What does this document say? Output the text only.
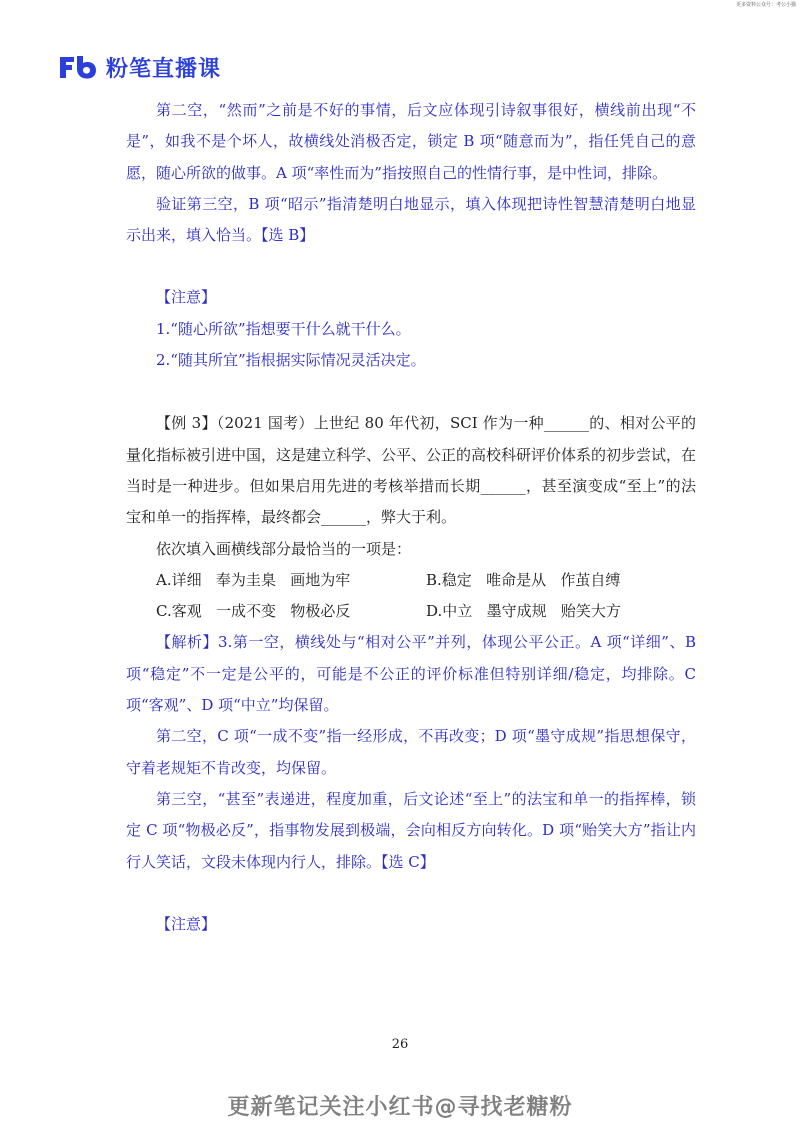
更多资料公众号：考公小猫
粉笔直播课

第二空，“然而”之前是不好的事情，后文应体现引诗叙事很好，横线前出现“不是”，如我不是个坏人，故横线处消极否定，锁定 B 项“随意而为”，指任凭自己的意愿，随心所欲的做事。A 项“率性而为”指按照自己的性情行事，是中性词，排除。

验证第三空，B 项“昭示”指清楚明白地显示，填入体现把诗性智慧清楚明白地显示出来，填入恰当。【选 B】

【注意】

1.“随心所欲”指想要干什么就干什么。

2.“随其所宜”指根据实际情况灵活决定。

【例 3】（2021 国考）上世纪 80 年代初，SCI 作为一种______的、相对公平的量化指标被引进中国，这是建立科学、公平、公正的高校科研评价体系的初步尝试，在当时是一种进步。但如果启用先进的考核举措而长期______，甚至演变成“至上”的法宝和单一的指挥棒，最终都会______，弊大于利。

依次填入画横线部分最恰当的一项是：

A.详细   奉为圭臬   画地为牢	B.稳定   唯命是从   作茧自缚
C.客观   一成不变   物极必反	D.中立   墨守成规   贻笑大方

【解析】3.第一空，横线处与“相对公平”并列，体现公平公正。A 项“详细”、B 项“稳定”不一定是公平的，可能是不公正的评价标准但特别详细/稳定，均排除。C 项“客观”、D 项“中立”均保留。

第二空，C 项“一成不变”指一经形成，不再改变；D 项“墨守成规”指思想保守，守着老规矩不肯改变，均保留。

第三空，“甚至”表递进，程度加重，后文论述“至上”的法宝和单一的指挥棒，锁定 C 项“物极必反”，指事物发展到极端，会向相反方向转化。D 项“贻笑大方”指让内行人笑话，文段未体现内行人，排除。【选 C】

【注意】

26
更新笔记关注小红书@寻找老糖粉
